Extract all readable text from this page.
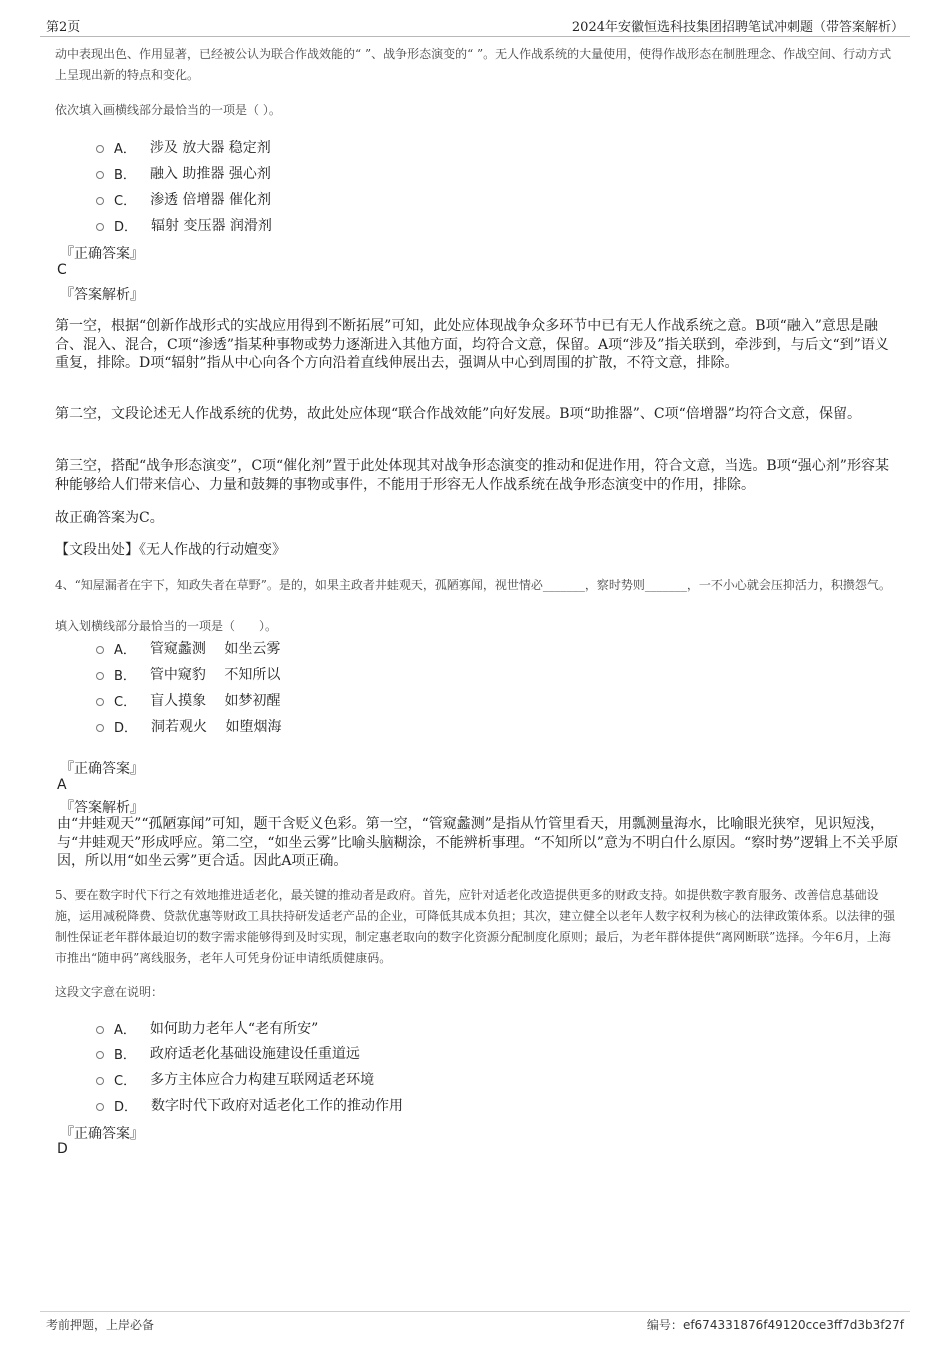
第2页	2024年安徽恒选科技集团招聘笔试冲刺题（带答案解析）
动中表现出色、作用显著，已经被公认为联合作战效能的“ ”、战争形态演变的“ ”。无人作战系统的大量使用，使得作战形态在制胜理念、作战空间、行动方式上呈现出新的特点和变化。
依次填入画横线部分最恰当的一项是（ ）。
A． 涉及 放大器 稳定剂
B． 融入 助推器 强心剂
C． 渗透 倍增器 催化剂
D． 辐射 变压器 润滑剂
『正确答案』
C
『答案解析』
第一空，根据“创新作战形式的实战应用得到不断拓展”可知，此处应体现战争众多环节中已有无人作战系统之意。B项“融入”意思是融合、混入、混合，C项“渗透”指某种事物或势力逐渐进入其他方面，均符合文意，保留。A项“涉及”指关联到，牵涉到，与后文“到”语义重复，排除。D项“辐射”指从中心向各个方向沿着直线伸展出去，强调从中心到周围的扩散，不符文意，排除。
第二空，文段论述无人作战系统的优势，故此处应体现“联合作战效能”向好发展。B项“助推器”、C项“倍增器”均符合文意，保留。
第三空，搭配“战争形态演变”，C项“催化剂”置于此处体现其对战争形态演变的推动和促进作用，符合文意，当选。B项“强心剂”形容某种能够给人们带来信心、力量和鼓舞的事物或事件，不能用于形容无人作战系统在战争形态演变中的作用，排除。
故正确答案为C。
【文段出处】《无人作战的行动嬗变》
4、“知屋漏者在宇下，知政失者在草野”。是的，如果主政者井蛙观天，孤陋寡闻，视世情必_______，察时势则_______，一不小心就会压抑活力，积攒怨气。
填入划横线部分最恰当的一项是（　　）。
A． 管窥蠡测　 如坐云雾
B． 管中窥豹　 不知所以
C． 盲人摸象　 如梦初醒
D． 洞若观火　 如堕烟海
『正确答案』
A
『答案解析』
由“井蛙观天”“孤陋寡闻”可知，题干含贬义色彩。第一空，“管窥蠡测”是指从竹管里看天，用瓢测量海水，比喻眼光狭窄，见识短浅，与“井蛙观天”形成呼应。第二空，“如坐云雾”比喻头脑糊涂，不能辨析事理。“不知所以”意为不明白什么原因。“察时势”逻辑上不关乎原因，所以用“如坐云雾”更合适。因此A项正确。
5、要在数字时代下行之有效地推进适老化，最关键的推动者是政府。首先，应针对适老化改造提供更多的财政支持。如提供数字教育服务、改善信息基础设施，运用减税降费、贷款优惠等财政工具扶持研发适老产品的企业，可降低其成本负担；其次，建立健全以老年人数字权利为核心的法律政策体系。以法律的强制性保证老年群体最迫切的数字需求能够得到及时实现，制定惠老取向的数字化资源分配制度化原则；最后，为老年群体提供“离网断联”选择。今年6月，上海市推出“随申码”离线服务，老年人可凭身份证申请纸质健康码。
这段文字意在说明：
A． 如何助力老年人“老有所安”
B． 政府适老化基础设施建设任重道远
C． 多方主体应合力构建互联网适老环境
D． 数字时代下政府对适老化工作的推动作用
『正确答案』
D
考前押题，上岸必备	编号：ef674331876f49120cce3ff7d3b3f27f
